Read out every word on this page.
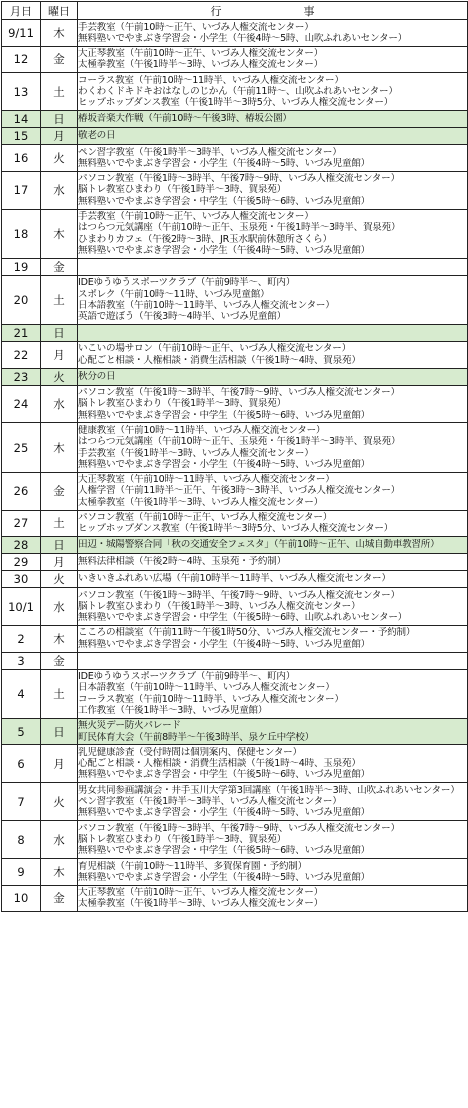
月日	曜日	行　　事
9/11	木	手芸教室（午前10時～正午、いづみ人権交流センター）
無料塾いでやまぶき学習会・小学生（午後4時～5時、山吹ふれあいセンター）

12	金	大正琴教室（午前10時～正午、いづみ人権交流センター）
太極拳教室（午後1時半～3時、いづみ人権交流センター）

13	土	コーラス教室（午前10時～11時半、いづみ人権交流センター）
わくわくドキドキおはなしのじかん（午前11時～、山吹ふれあいセンター）
ヒップホップダンス教室（午後1時半～3時5分、いづみ人権交流センター）

14	日	椿坂音楽大作戦（午前10時～午後3時、椿坂公園）

15	月	敬老の日

16	火	ペン習字教室（午後1時半～3時半、いづみ人権交流センター）
無料塾いでやまぶき学習会・小学生（午後4時～5時、いづみ児童館）

17	水	パソコン教室（午後1時～3時半、午後7時～9時、いづみ人権交流センター）
脳トレ教室ひまわり（午後1時半～3時、賀泉苑）
無料塾いでやまぶき学習会・中学生（午後5時～6時、いづみ児童館）

18	木	手芸教室（午前10時～正午、いづみ人権交流センター）
はつらつ元気講座（午前10時～正午、玉泉苑・午後1時半～3時半、賀泉苑）
ひまわりカフェ（午後2時～3時、JR玉水駅前休憩所さくら）
無料塾いでやまぶき学習会・小学生（午後4時～5時、いづみ児童館）

19	金	

20	土	IDEゆうゆうスポーツクラブ（午前9時半～、町内）
スポレク（午前10時～11時、いづみ児童館）
日本語教室（午前10時～11時半、いづみ人権交流センター）
英語で遊ぼう（午後3時～4時半、いづみ児童館）

21	日	

22	月	いこいの場サロン（午前10時～正午、いづみ人権交流センター）
心配ごと相談・人権相談・消費生活相談（午後1時～4時、賀泉苑）

23	火	秋分の日

24	水	パソコン教室（午後1時～3時半、午後7時～9時、いづみ人権交流センター）
脳トレ教室ひまわり（午後1時半～3時、賀泉苑）
無料塾いでやまぶき学習会・中学生（午後5時～6時、いづみ児童館）

25	木	健康教室（午前10時～11時半、いづみ人権交流センター）
はつらつ元気講座（午前10時～正午、玉泉苑・午後1時半～3時半、賀泉苑）
手芸教室（午後1時半～3時、いづみ人権交流センター）
無料塾いでやまぶき学習会・小学生（午後4時～5時、いづみ児童館）

26	金	大正琴教室（午前10時～11時半、いづみ人権交流センター）
人権学習（午前11時半～正午、午後3時～3時半、いづみ人権交流センター）
太極拳教室（午後1時半～3時、いづみ人権交流センター）

27	土	パソコン教室（午前10時～正午、いづみ人権交流センター）
ヒップホップダンス教室（午後1時半～3時5分、いづみ人権交流センター）

28	日	田辺・城陽警察合同「秋の交通安全フェスタ」（午前10時～正午、山城自動車教習所）

29	月	無料法律相談（午後2時～4時、玉泉苑・予約制）

30	火	いきいきふれあい広場（午前10時半～11時半、いづみ人権交流センター）

10/1	水	パソコン教室（午後1時～3時半、午後7時～9時、いづみ人権交流センター）
脳トレ教室ひまわり（午後1時半～3時、いづみ人権交流センター）
無料塾いでやまぶき学習会・中学生（午後5時～6時、山吹ふれあいセンター）

2	木	こころの相談室（午前11時～午後1時50分、いづみ人権交流センター・予約制）
無料塾いでやまぶき学習会・小学生（午後4時～5時、いづみ児童館）

3	金	

4	土	IDEゆうゆうスポーツクラブ（午前9時半～、町内）
日本語教室（午前10時～11時半、いづみ人権交流センター）
コーラス教室（午前10時～11時半、いづみ人権交流センター）
工作教室（午後1時半～3時、いづみ児童館）

5	日	無火災デー防火パレード
町民体育大会（午前8時半～午後3時半、泉ケ丘中学校）

6	月	乳児健康診査（受付時間は個別案内、保健センター）
心配ごと相談・人権相談・消費生活相談（午後1時～4時、玉泉苑）
無料塾いでやまぶき学習会・中学生（午後5時～6時、いづみ児童館）

7	火	男女共同参画講演会・井手玉川大学第3回講座（午後1時半～3時、山吹ふれあいセンター）
ペン習字教室（午後1時半～3時半、いづみ人権交流センター）
無料塾いでやまぶき学習会・小学生（午後4時～5時、いづみ児童館）

8	水	パソコン教室（午後1時～3時半、午後7時～9時、いづみ人権交流センター）
脳トレ教室ひまわり（午後1時半～3時、賀泉苑）
無料塾いでやまぶき学習会・中学生（午後5時～6時、いづみ児童館）

9	木	育児相談（午前10時～11時半、多賀保育園・予約制）
無料塾いでやまぶき学習会・小学生（午後4時～5時、いづみ児童館）

10	金	大正琴教室（午前10時～正午、いづみ人権交流センター）
太極拳教室（午後1時半～3時、いづみ人権交流センター）
